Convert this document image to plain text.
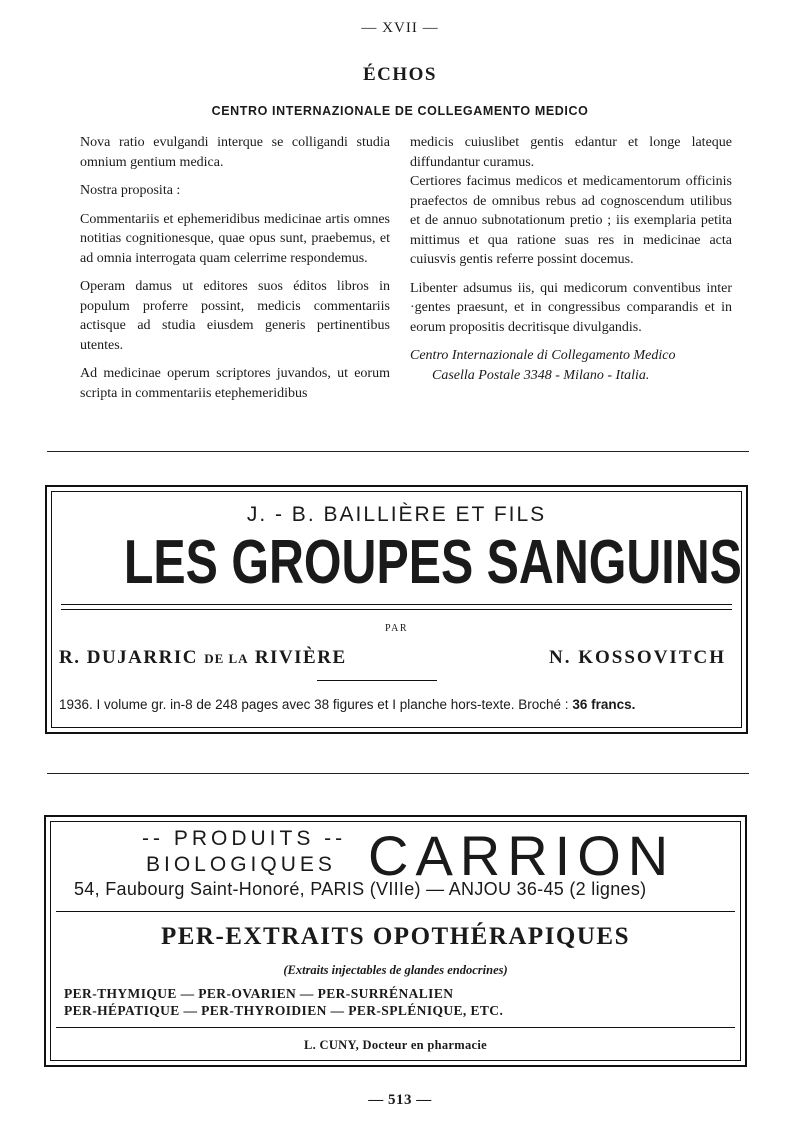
— XVII —
ÉCHOS
CENTRO INTERNAZIONALE DE COLLEGAMENTO MEDICO

Nova ratio evulgandi interque se colligandi studia omnium gentium medica.

Nostra proposita :

Commentariis et ephemeridibus medicinae artis omnes notitias cognitionesque, quae opus sunt, praebemus, et ad omnia interrogata quam celerrime respondemus.

Operam damus ut editores suos éditos libros in populum proferre possint, medicis commentariis actisque ad studia eiusdem generis pertinentibus utentes.

Ad medicinae operum scriptores juvandos, ut eorum scripta in commentariis etephemeridibus

medicis cuiuslibet gentis edantur et longe lateque diffundantur curamus.

Certiores facimus medicos et medicamentorum officinis praefectos de omnibus rebus ad cognoscendum utilibus et de annuo subnotationum pretio ; iis exemplaria petita mittimus et qua ratione suas res in medicinae acta cuiusvis gentis referre possint docemus.

Libenter adsumus iis, qui medicorum conventibus inter ·gentes praesunt, et in congressibus comparandis et in eorum propositis decritisque divulgandis.

Centro Internazionale di Collegamento Medico

Casella Postale 3348 - Milano - Italia.

J. - B. BAILLIÈRE ET FILS
LES GROUPES SANGUINS
PAR
R. DUJARRIC DE LA RIVIÈRE	N. KOSSOVITCH
1936. I volume gr. in-8 de 248 pages avec 38 figures et I planche hors-texte. Broché : 36 francs.
-- PRODUITS --
BIOLOGIQUES CARRION
54, Faubourg Saint-Honoré, PARIS (VIIIe) — ANJOU 36-45 (2 lignes)
PER-EXTRAITS OPOTHÉRAPIQUES
(Extraits injectables de glandes endocrines)
PER-THYMIQUE — PER-OVARIEN — PER-SURRÉNALIEN
PER-HÉPATIQUE — PER-THYROIDIEN — PER-SPLÉNIQUE, ETC.
L. CUNY, Docteur en pharmacie
— 513 —
